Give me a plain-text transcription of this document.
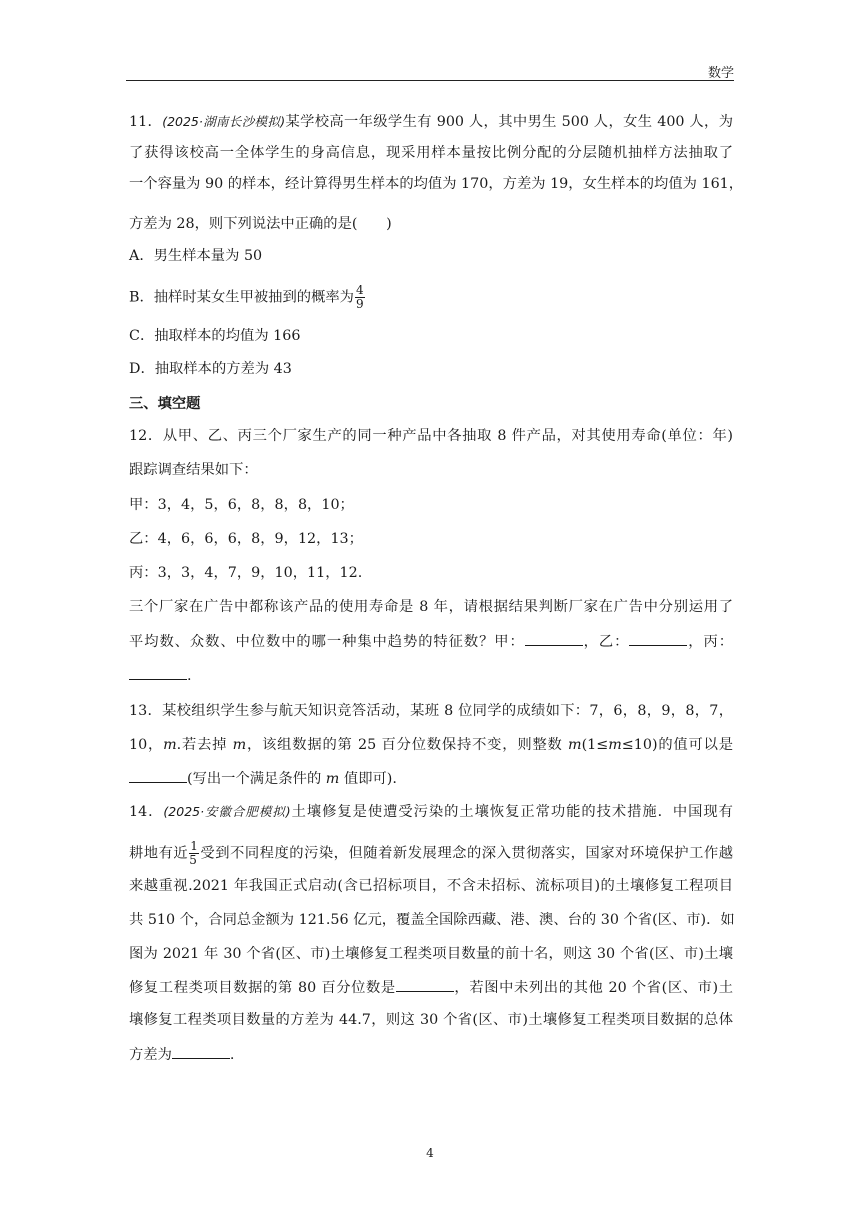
数学
11．(2025·湖南长沙模拟)某学校高一年级学生有 900 人，其中男生 500 人，女生 400 人，为
了获得该校高一全体学生的身高信息，现采用样本量按比例分配的分层随机抽样方法抽取了
一个容量为 90 的样本，经计算得男生样本的均值为 170，方差为 19，女生样本的均值为 161，
方差为 28，则下列说法中正确的是(　　)
A．男生样本量为 50
B．抽样时某女生甲被抽到的概率为 $\frac{4}{9}$
C．抽取样本的均值为 166
D．抽取样本的方差为 43
三、填空题
12．从甲、乙、丙三个厂家生产的同一种产品中各抽取 8 件产品，对其使用寿命(单位：年)
跟踪调查结果如下：
甲：3，4，5，6，8，8，8，10；
乙：4，6，6，6，8，9，12，13；
丙：3，3，4，7，9，10，11，12.
三个厂家在广告中都称该产品的使用寿命是 8 年，请根据结果判断厂家在广告中分别运用了
平均数、众数、中位数中的哪一种集中趋势的特征数？甲：	，乙：	，丙：
.
13．某校组织学生参与航天知识竞答活动，某班 8 位同学的成绩如下：7，6，8，9，8，7，
10，m.若去掉 m，该组数据的第 25 百分位数保持不变，则整数 m(1≤m≤10)的值可以是
(写出一个满足条件的 m 值即可).
14．(2025·安徽合肥模拟)土壤修复是使遭受污染的土壤恢复正常功能的技术措施．中国现有
耕地有近 $\frac{1}{5}$ 受到不同程度的污染，但随着新发展理念的深入贯彻落实，国家对环境保护工作越
来越重视.2021 年我国正式启动(含已招标项目，不含未招标、流标项目)的土壤修复工程项目
共 510 个，合同总金额为 121.56 亿元，覆盖全国除西藏、港、澳、台的 30 个省(区、市)．如
图为 2021 年 30 个省(区、市)土壤修复工程类项目数量的前十名，则这 30 个省(区、市)土壤
修复工程类项目数据的第 80 百分位数是	，若图中未列出的其他 20 个省(区、市)土
壤修复工程类项目数量的方差为 44.7，则这 30 个省(区、市)土壤修复工程类项目数据的总体
方差为	.
4
